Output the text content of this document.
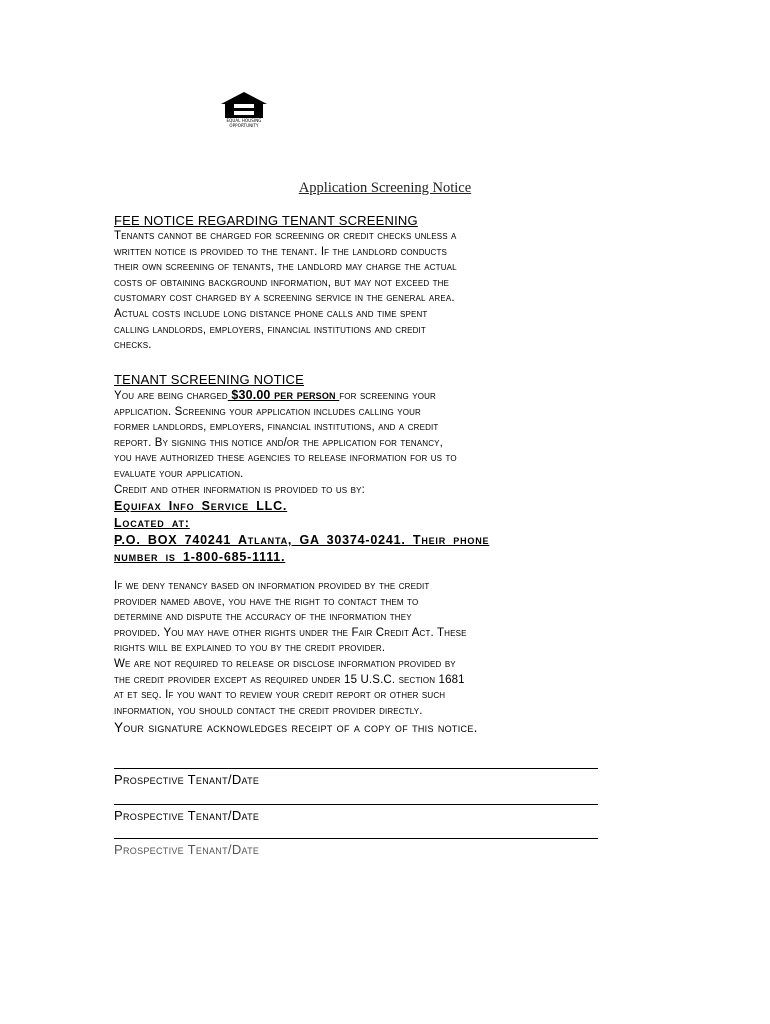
EQUAL HOUSING
OPPORTUNITY
Application Screening Notice
FEE NOTICE REGARDING TENANT SCREENING
Tenants cannot be charged for screening or credit checks unless a
written notice is provided to the tenant. If the landlord conducts
their own screening of tenants, the landlord may charge the actual
costs of obtaining background information, but may not exceed the
customary cost charged by a screening service in the general area.
Actual costs include long distance phone calls and time spent
calling landlords, employers, financial institutions and credit
checks.
TENANT SCREENING NOTICE
You are being charged $30.00 per person for screening your
application. Screening your application includes calling your
former landlords, employers, financial institutions, and a credit
report. By signing this notice and/or the application for tenancy,
you have authorized these agencies to release information for us to
evaluate your application.
Credit and other information is provided to us by:
Equifax Info Service LLC.
Located at:
P.O. BOX 740241 Atlanta, GA 30374-0241. Their phone
number is 1-800-685-1111.
If we deny tenancy based on information provided by the credit
provider named above, you have the right to contact them to
determine and dispute the accuracy of the information they
provided. You may have other rights under the Fair Credit Act. These
rights will be explained to you by the credit provider.
We are not required to release or disclose information provided by
the credit provider except as required under 15 U.S.C. section 1681
at et seq. If you want to review your credit report or other such
information, you should contact the credit provider directly.
Your signature acknowledges receipt of a copy of this notice.
Prospective Tenant/Date
Prospective Tenant/Date
Prospective Tenant/Date
